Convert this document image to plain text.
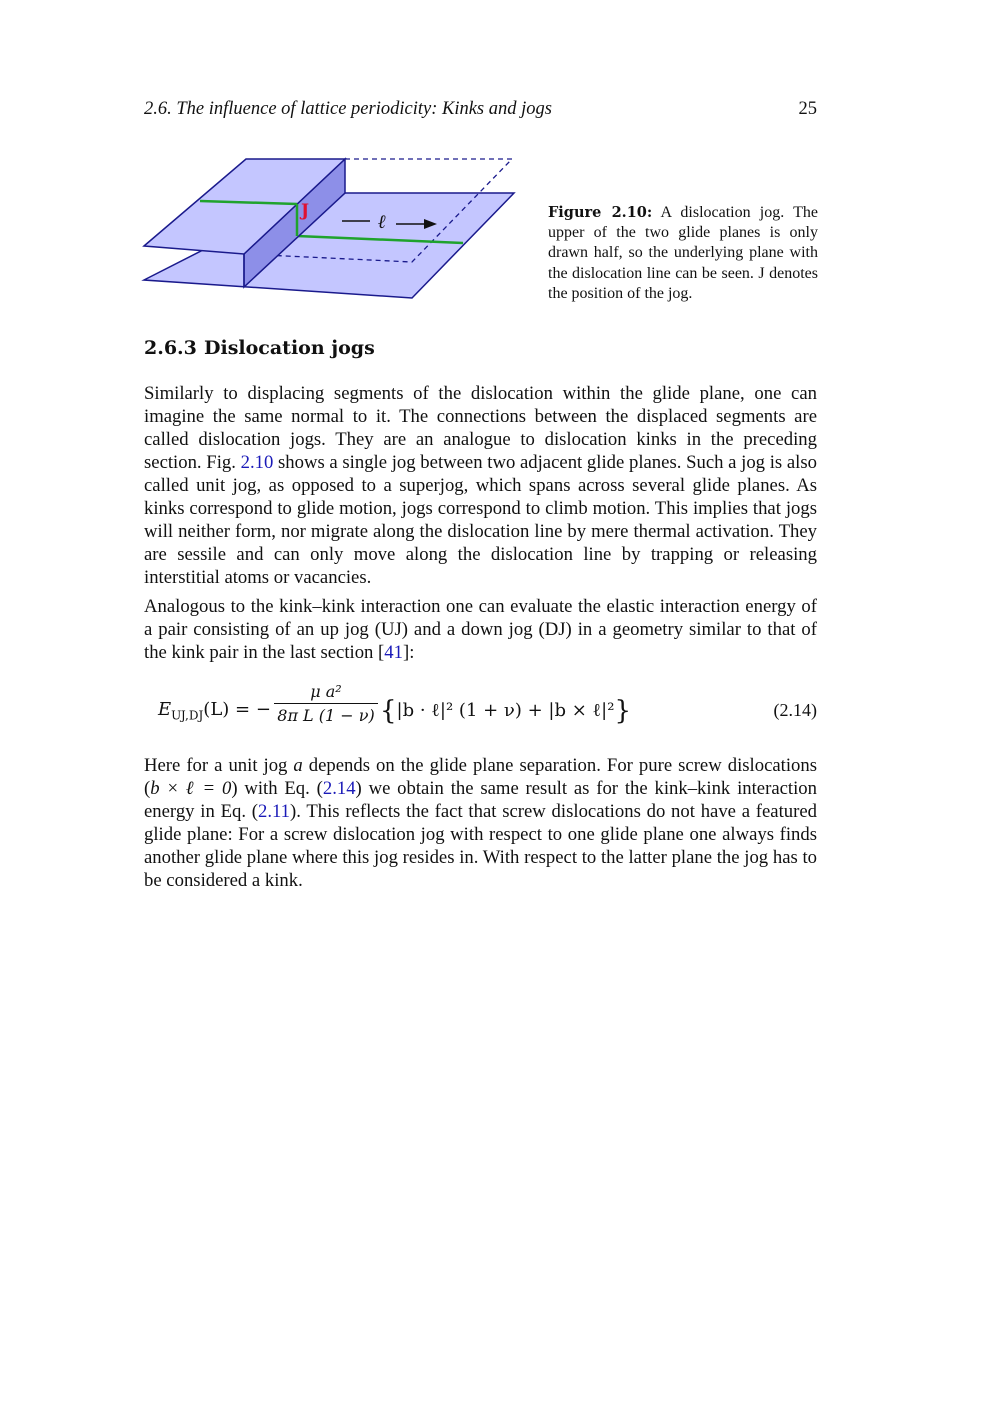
2.6. The influence of lattice periodicity: Kinks and jogs	25
J	ℓ	Figure 2.10: A dislocation jog. The upper of the two glide planes is only drawn half, so the underlying plane with the dislocation line can be seen. J denotes the position of the jog.
2.6.3 Dislocation jogs
Similarly to displacing segments of the dislocation within the glide plane, one can imagine the same normal to it. The connections between the displaced segments are called dislocation jogs. They are an analogue to dislocation kinks in the preceding section. Fig. 2.10 shows a single jog between two adjacent glide planes. Such a jog is also called unit jog, as opposed to a superjog, which spans across several glide planes. As kinks correspond to glide motion, jogs correspond to climb motion. This implies that jogs will neither form, nor migrate along the dislocation line by mere thermal activation. They are sessile and can only move along the dislocation line by trapping or releasing interstitial atoms or vacancies.
Analogous to the kink–kink interaction one can evaluate the elastic interaction energy of a pair consisting of an up jog (UJ) and a down jog (DJ) in a geometry similar to that of the kink pair in the last section [41]:
$E_{UJ,DJ}(L)$ = − $\frac{\text{μ a²}}{\text{8π L (1 − ν)}} \{|b$ · ℓ|² (1 + ν) + |b × ℓ|²}	(2.14)
Here for a unit jog a depends on the glide plane separation. For pure screw dislocations (b × ℓ = 0) with Eq. (2.14) we obtain the same result as for the kink–kink interaction energy in Eq. (2.11). This reflects the fact that screw dislocations do not have a featured glide plane: For a screw dislocation jog with respect to one glide plane one always finds another glide plane where this jog resides in. With respect to the latter plane the jog has to be considered a kink.
